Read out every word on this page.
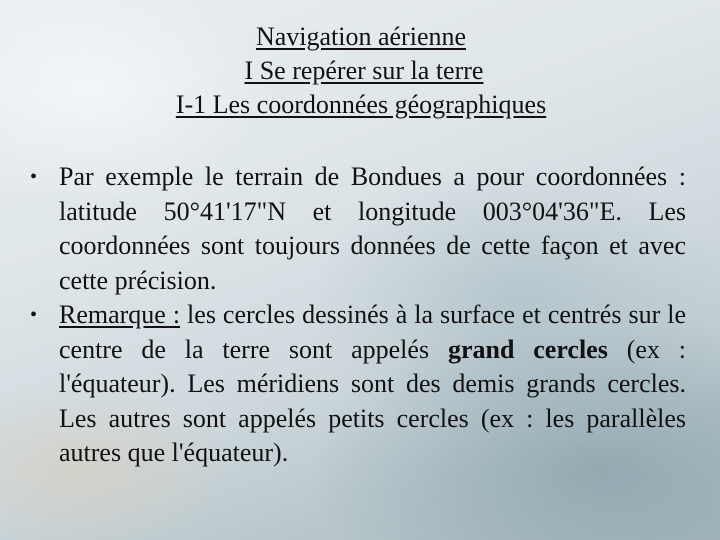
Navigation aérienne
I Se repérer sur la terre
I-1 Les coordonnées géographiques
• Par exemple le terrain de Bondues a pour coordonnées : latitude 50°41'17"N et longitude 003°04'36"E. Les coordonnées sont toujours données de cette façon et avec cette précision.
• Remarque : les cercles dessinés à la surface et centrés sur le centre de la terre sont appelés grand cercles (ex : l'équateur). Les méridiens sont des demis grands cercles. Les autres sont appelés petits cercles (ex : les parallèles autres que l'équateur).
